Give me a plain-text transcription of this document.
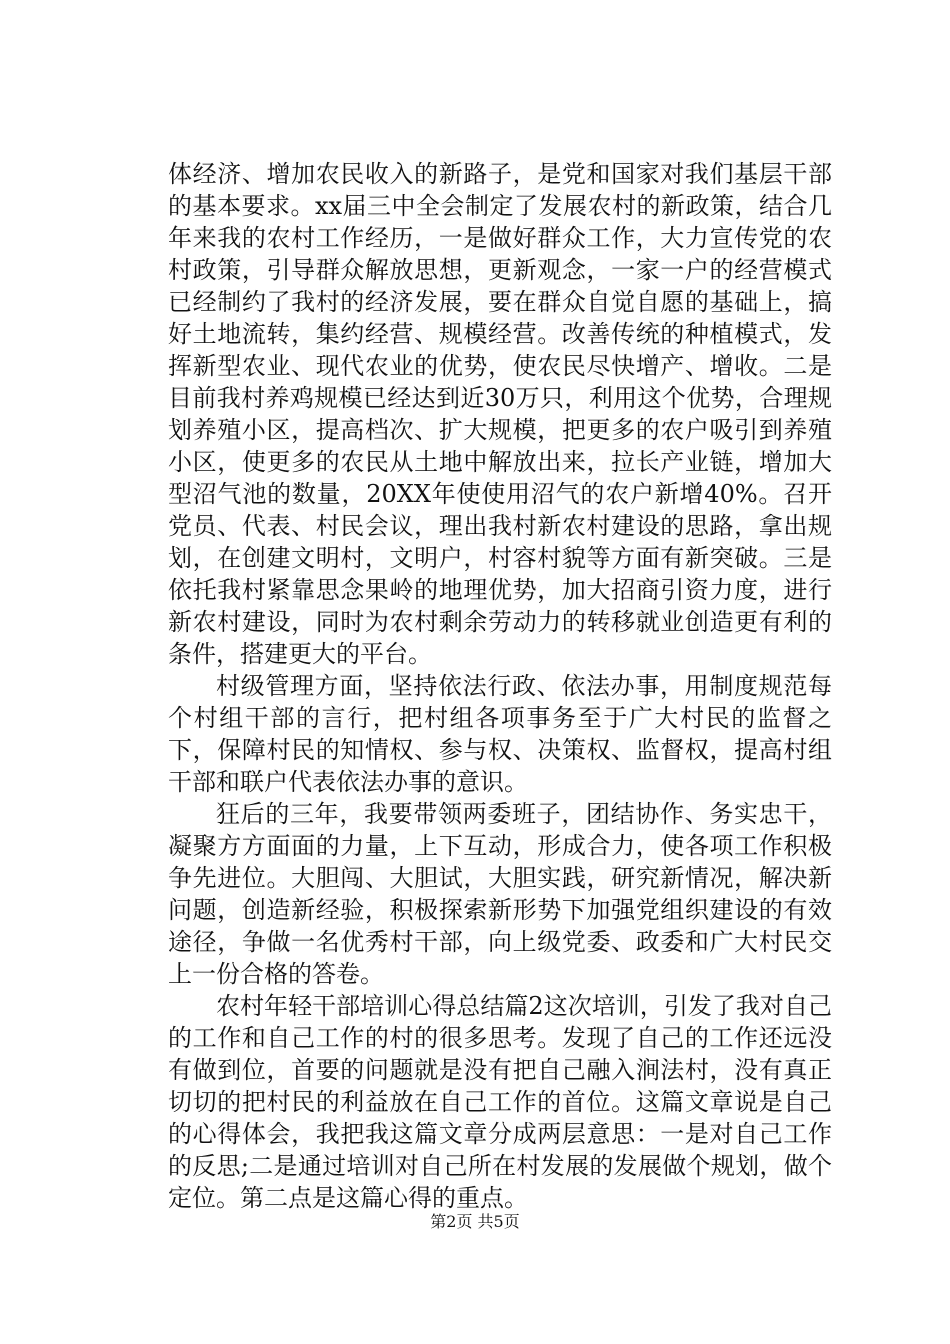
体经济、增加农民收入的新路子，是党和国家对我们基层干部的基本要求。xx届三中全会制定了发展农村的新政策，结合几年来我的农村工作经历，一是做好群众工作，大力宣传党的农村政策，引导群众解放思想，更新观念，一家一户的经营模式已经制约了我村的经济发展，要在群众自觉自愿的基础上，搞好土地流转，集约经营、规模经营。改善传统的种植模式，发挥新型农业、现代农业的优势，使农民尽快增产、增收。二是目前我村养鸡规模已经达到近30万只，利用这个优势，合理规划养殖小区，提高档次、扩大规模，把更多的农户吸引到养殖小区，使更多的农民从土地中解放出来，拉长产业链，增加大型沼气池的数量，20XX年使使用沼气的农户新增40%。召开党员、代表、村民会议，理出我村新农村建设的思路，拿出规划，在创建文明村，文明户，村容村貌等方面有新突破。三是依托我村紧靠思念果岭的地理优势，加大招商引资力度，进行新农村建设，同时为农村剩余劳动力的转移就业创造更有利的条件，搭建更大的平台。

村级管理方面，坚持依法行政、依法办事，用制度规范每个村组干部的言行，把村组各项事务至于广大村民的监督之下，保障村民的知情权、参与权、决策权、监督权，提高村组干部和联户代表依法办事的意识。

狂后的三年，我要带领两委班子，团结协作、务实忠干，凝聚方方面面的力量，上下互动，形成合力，使各项工作积极争先进位。大胆闯、大胆试，大胆实践，研究新情况，解决新问题，创造新经验，积极探索新形势下加强党组织建设的有效途径，争做一名优秀村干部，向上级党委、政委和广大村民交上一份合格的答卷。

农村年轻干部培训心得总结篇2这次培训，引发了我对自己的工作和自己工作的村的很多思考。发现了自己的工作还远没有做到位，首要的问题就是没有把自己融入涧法村，没有真正切切的把村民的利益放在自己工作的首位。这篇文章说是自己的心得体会，我把我这篇文章分成两层意思：一是对自己工作的反思;二是通过培训对自己所在村发展的发展做个规划，做个定位。第二点是这篇心得的重点。

第2页 共5页
